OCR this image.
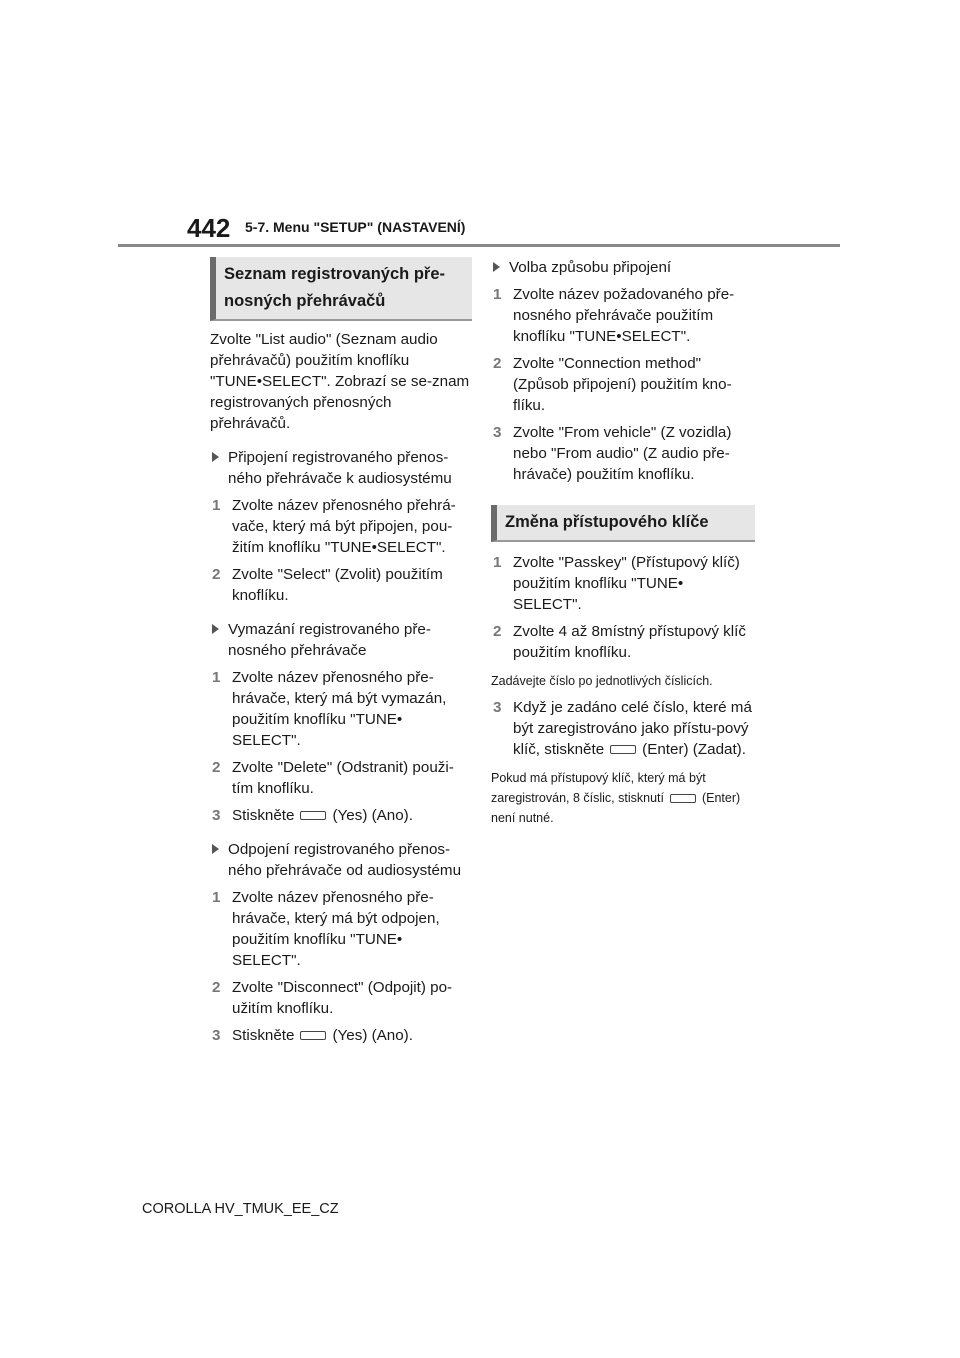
442 5-7. Menu "SETUP" (NASTAVENÍ)
Seznam registrovaných pře-
nosných přehrávačů

Zvolte "List audio" (Seznam audio přehrávačů) použitím knoflíku "TUNE•SELECT". Zobrazí se se-znam registrovaných přenosných přehrávačů.

Připojení registrovaného přenos-ného přehrávače k audiosystému
1 Zvolte název přenosného přehrá-vače, který má být připojen, pou-žitím knoflíku "TUNE•SELECT".
2 Zvolte "Select" (Zvolit) použitím knoflíku.
Vymazání registrovaného pře-nosného přehrávače
1 Zvolte název přenosného pře-hrávače, který má být vymazán, použitím knoflíku "TUNE• SELECT".
2 Zvolte "Delete" (Odstranit) použi-tím knoflíku.
3 Stiskněte	(Yes) (Ano).
Odpojení registrovaného přenos-ného přehrávače od audiosystému
1 Zvolte název přenosného pře-hrávače, který má být odpojen, použitím knoflíku "TUNE• SELECT".
2 Zvolte "Disconnect" (Odpojit) po-užitím knoflíku.
3 Stiskněte	(Yes) (Ano).
Volba způsobu připojení
1 Zvolte název požadovaného pře-nosného přehrávače použitím knoflíku "TUNE•SELECT".
2 Zvolte "Connection method" (Způsob připojení) použitím kno-flíku.
3 Zvolte "From vehicle" (Z vozidla) nebo "From audio" (Z audio pře-hrávače) použitím knoflíku.
Změna přístupového klíče
1 Zvolte "Passkey" (Přístupový klíč) použitím knoflíku "TUNE• SELECT".
2 Zvolte 4 až 8místný přístupový klíč použitím knoflíku.

Zadávejte číslo po jednotlivých číslicích.

3 Když je zadáno celé číslo, které má být zaregistrováno jako přístu-pový klíč, stiskněte	(Enter) (Zadat).

Pokud má přístupový klíč, který má být zaregistrován, 8 číslic, stisknutí	(Enter) není nutné.

COROLLA HV_TMUK_EE_CZ
